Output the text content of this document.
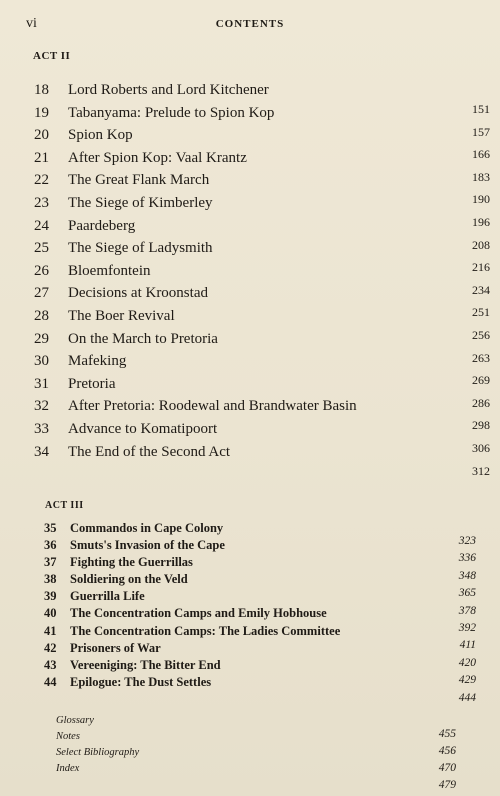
vi	CONTENTS
ACT II
18 Lord Roberts and Lord Kitchener
19 Tabanyama: Prelude to Spion Kop
20 Spion Kop
21 After Spion Kop: Vaal Krantz
22 The Great Flank March
23 The Siege of Kimberley
24 Paardeberg
25 The Siege of Ladysmith
26 Bloemfontein
27 Decisions at Kroonstad
28 The Boer Revival
29 On the March to Pretoria
30 Mafeking
31 Pretoria
32 After Pretoria: Roodewal and Brandwater Basin
33 Advance to Komatipoort
34 The End of the Second Act
151
157
166
183
190
196
208
216
234
251
256
263
269
286
298
306
312
ACT III
35 Commandos in Cape Colony
36 Smuts's Invasion of the Cape
37 Fighting the Guerrillas
38 Soldiering on the Veld
39 Guerrilla Life
40 The Concentration Camps and Emily Hobhouse
41 The Concentration Camps: The Ladies Committee
42 Prisoners of War
43 Vereeniging: The Bitter End
44 Epilogue: The Dust Settles
323
336
348
365
378
392
411
420
429
444
Glossary
Notes
Select Bibliography
Index
455
456
470
479
